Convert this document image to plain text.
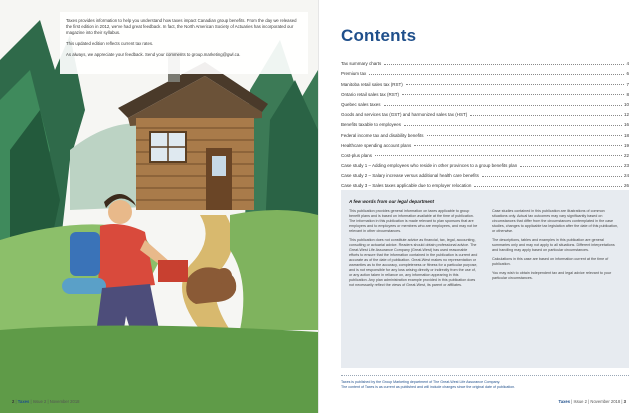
Taxes provides information to help you understand how taxes impact Canadian group benefits. From the day we released the first edition in 2012, we've had great feedback. In fact, the North American Society of Actuaries has incorporated our magazine into their syllabus.

This updated edition reflects current tax rates.

As always, we appreciate your feedback. Send your comments to group.marketing@gwl.ca.

2 | Taxes | Issue 2 | November 2018
Contents
Tax summary charts	4
Premium tax	6
Manitoba retail sales tax (RST)	7
Ontario retail sales tax (RST)	8
Quebec sales taxes	10
Goods and services tax (GST) and harmonized sales tax (HST)	12
Benefits taxable to employees	16
Federal income tax and disability benefits	18
Healthcare spending account plans	19
Cost-plus plans	22
Case study 1 – Adding employees who reside in other provinces to a group benefits plan	23
Case study 2 – Salary increase versus additional health care benefits	24
Case study 3 – Sales taxes applicable due to employer relocation	26
A few words from our legal department

This publication provides general information on taxes applicable to group benefit plans and is based on information available at the time of publication. The information in this publication is made relevant to plan sponsors that are employers and to employees or members who are employees, and may not be relevant in other circumstances.

This publication does not constitute advice as financial, tax, legal, accounting, consulting or actuarial advice. Readers should obtain professional advice. The Great-West Life Assurance Company (Great-West) has used reasonable efforts to ensure that the information contained in the publication is current and accurate as of the date of publication. Great-West makes no representation or warranties as to the accuracy, completeness or fitness for a particular purpose, and is not responsible for any loss arising directly or indirectly from the use of, or any action taken in reliance on, any information appearing in this publication. Any plan administration example provided in this publication does not necessarily reflect the views of Great-West, its parent or affiliates.

Case studies contained in this publication are illustrations of common situations only. Actual tax outcomes may vary significantly based on circumstances that differ from the circumstances contemplated in the case studies, changes to applicable tax legislation after the date of this publication, or otherwise.

The descriptions, tables and examples in this publication are general summaries only and may not apply to all situations. Different interpretations and handling may apply based on particular circumstances.

Calculations in this case are based on information current at the time of publication.

You may wish to obtain independent tax and legal advice relevant to your particular circumstances.

Taxes is published by the Group Marketing department of The Great-West Life Assurance Company.
The content of Taxes is as current as published and will include changes since the original date of publication.
Taxes | Issue 2 | November 2018 | 3
